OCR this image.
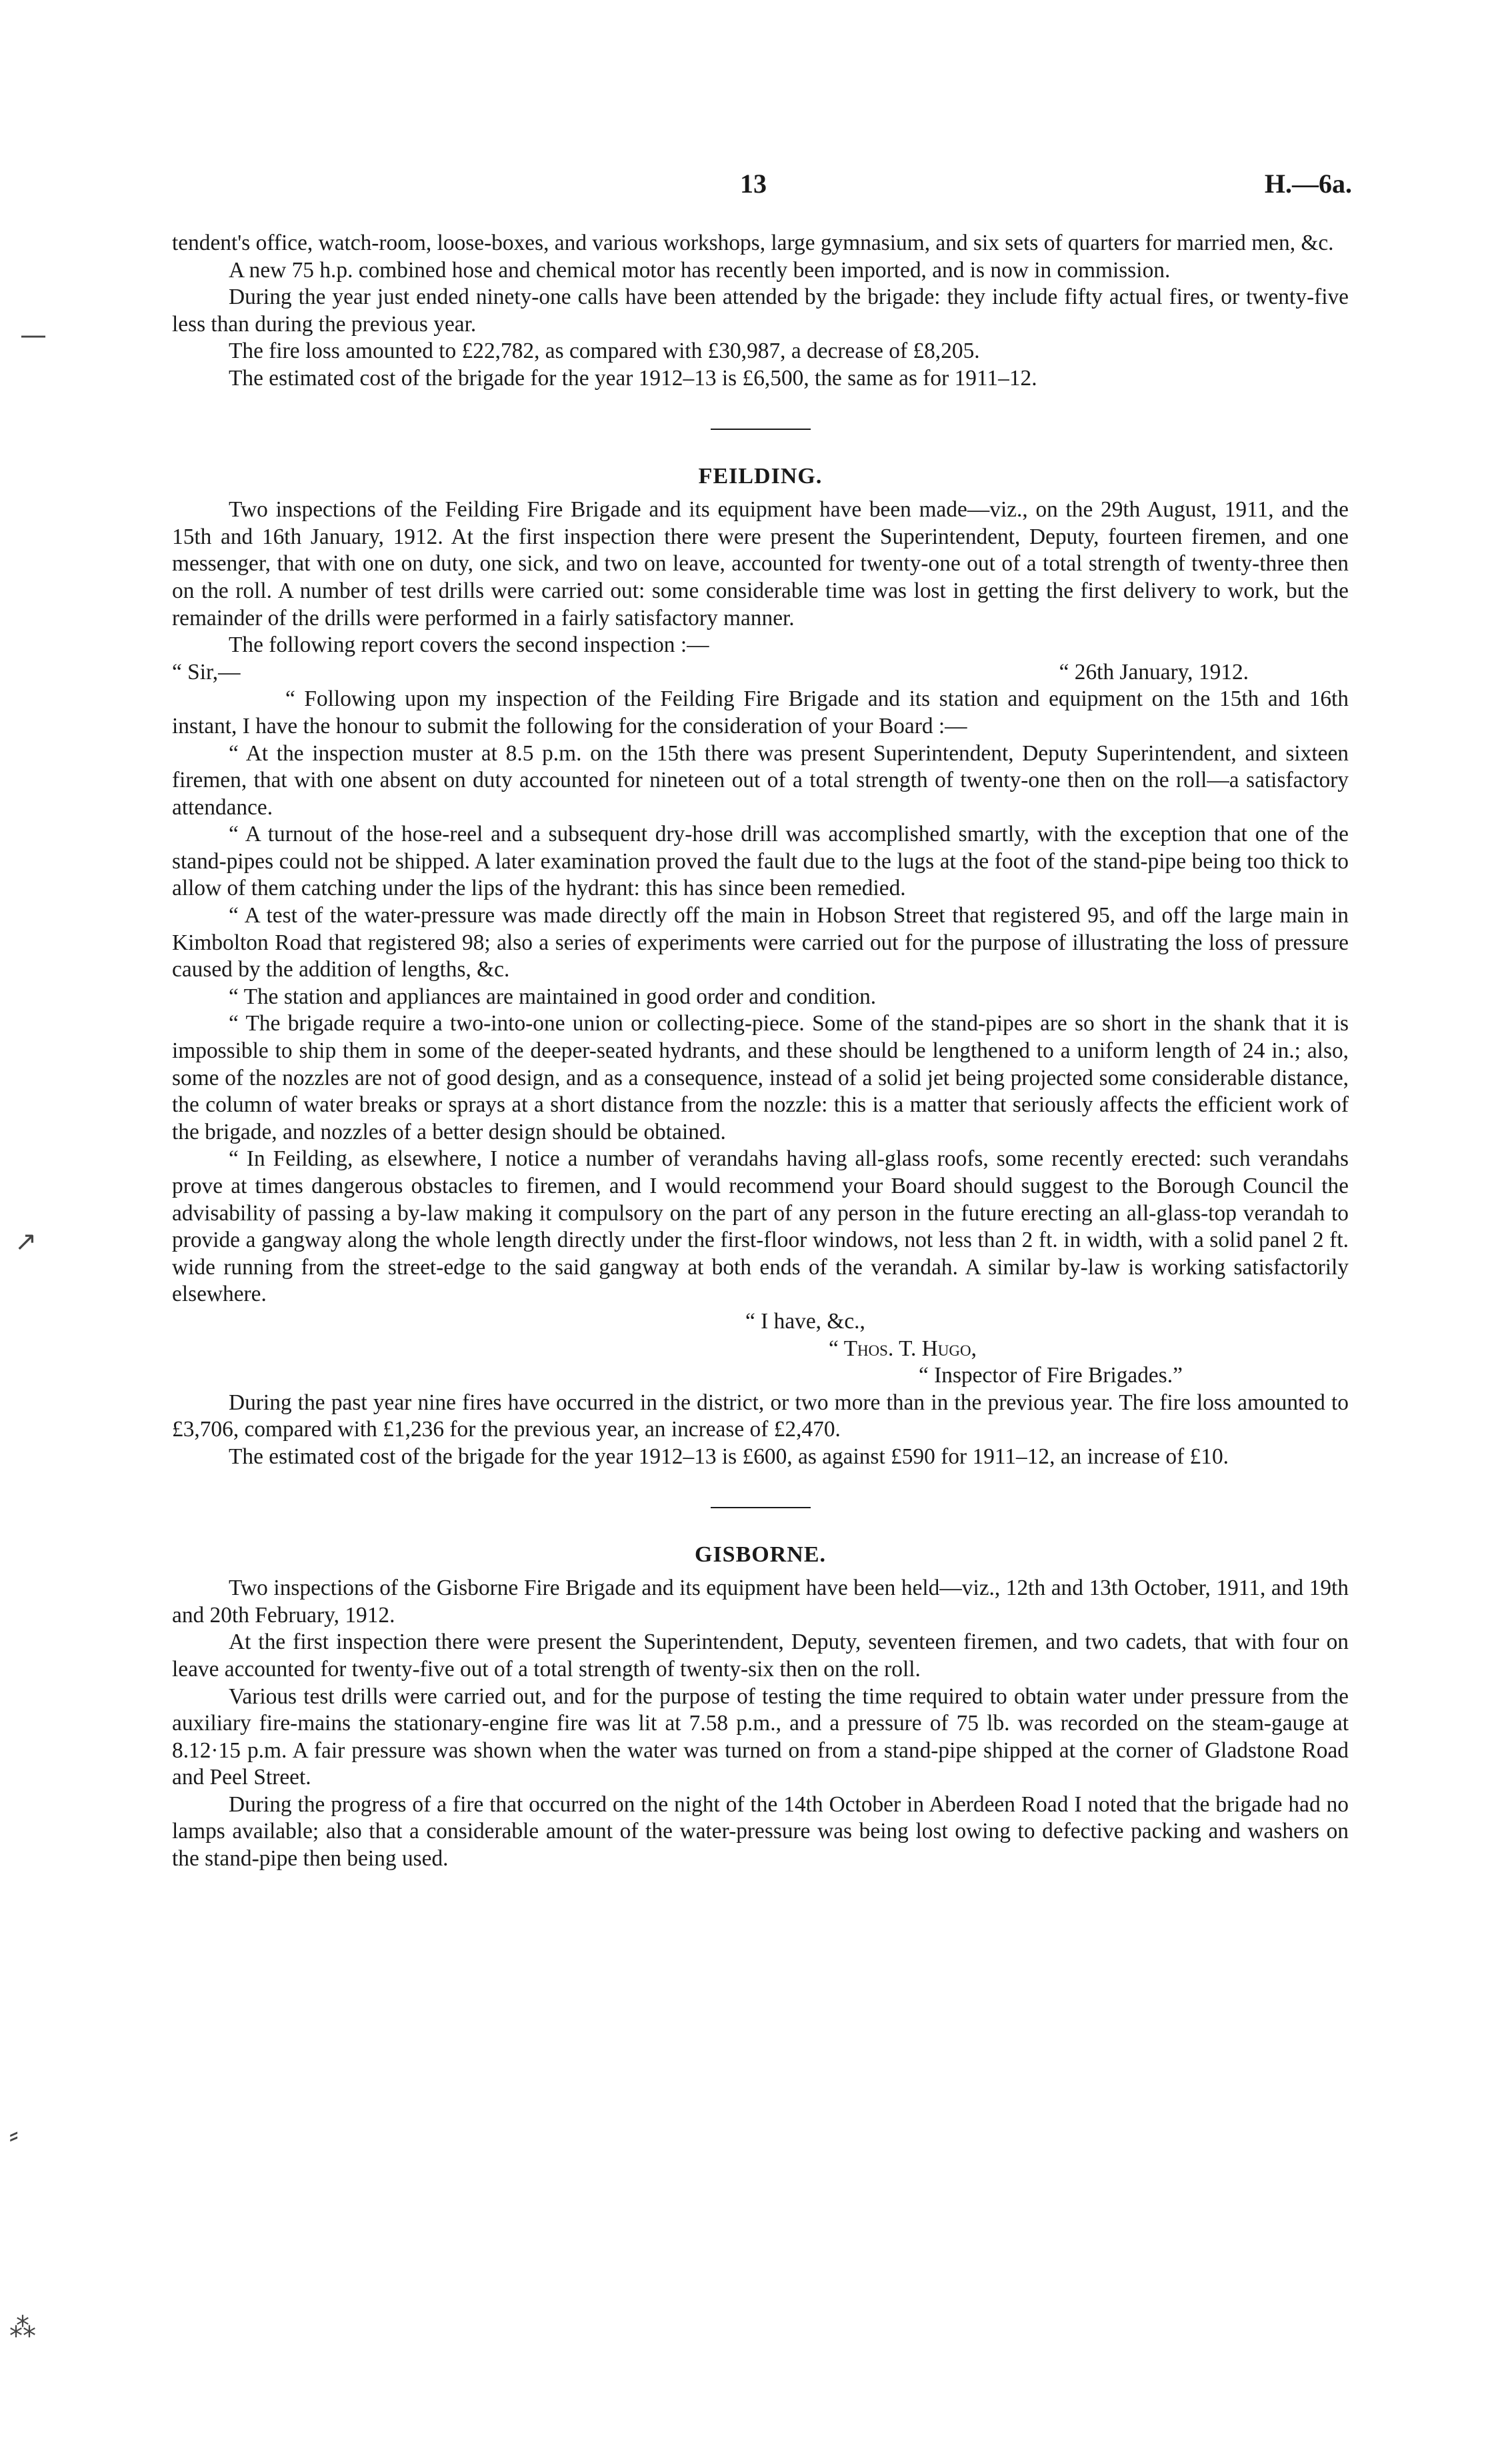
13	H.—6a.
—
↗
⸗
⁂

tendent's office, watch-room, loose-boxes, and various workshops, large gymnasium, and six sets of quarters for married men, &c.

A new 75 h.p. combined hose and chemical motor has recently been imported, and is now in commission.

During the year just ended ninety-one calls have been attended by the brigade: they include fifty actual fires, or twenty-five less than during the previous year.

The fire loss amounted to £22,782, as compared with £30,987, a decrease of £8,205.

The estimated cost of the brigade for the year 1912–13 is £6,500, the same as for 1911–12.

FEILDING.

Two inspections of the Feilding Fire Brigade and its equipment have been made—viz., on the 29th August, 1911, and the 15th and 16th January, 1912. At the first inspection there were present the Superintendent, Deputy, fourteen firemen, and one messenger, that with one on duty, one sick, and two on leave, accounted for twenty-one out of a total strength of twenty-three then on the roll. A number of test drills were carried out: some considerable time was lost in getting the first delivery to work, but the remainder of the drills were performed in a fairly satisfactory manner.

The following report covers the second inspection :—

“ Sir,—	“ 26th January, 1912.

“ Following upon my inspection of the Feilding Fire Brigade and its station and equipment on the 15th and 16th instant, I have the honour to submit the following for the consideration of your Board :—

“ At the inspection muster at 8.5 p.m. on the 15th there was present Superintendent, Deputy Superintendent, and sixteen firemen, that with one absent on duty accounted for nineteen out of a total strength of twenty-one then on the roll—a satisfactory attendance.

“ A turnout of the hose-reel and a subsequent dry-hose drill was accomplished smartly, with the exception that one of the stand-pipes could not be shipped. A later examination proved the fault due to the lugs at the foot of the stand-pipe being too thick to allow of them catching under the lips of the hydrant: this has since been remedied.

“ A test of the water-pressure was made directly off the main in Hobson Street that registered 95, and off the large main in Kimbolton Road that registered 98; also a series of experiments were carried out for the purpose of illustrating the loss of pressure caused by the addition of lengths, &c.

“ The station and appliances are maintained in good order and condition.

“ The brigade require a two-into-one union or collecting-piece. Some of the stand-pipes are so short in the shank that it is impossible to ship them in some of the deeper-seated hydrants, and these should be lengthened to a uniform length of 24 in.; also, some of the nozzles are not of good design, and as a consequence, instead of a solid jet being projected some considerable distance, the column of water breaks or sprays at a short distance from the nozzle: this is a matter that seriously affects the efficient work of the brigade, and nozzles of a better design should be obtained.

“ In Feilding, as elsewhere, I notice a number of verandahs having all-glass roofs, some recently erected: such verandahs prove at times dangerous obstacles to firemen, and I would recommend your Board should suggest to the Borough Council the advisability of passing a by-law making it compulsory on the part of any person in the future erecting an all-glass-top verandah to provide a gangway along the whole length directly under the first-floor windows, not less than 2 ft. in width, with a solid panel 2 ft. wide running from the street-edge to the said gangway at both ends of the verandah. A similar by-law is working satisfactorily elsewhere.

“ I have, &c.,

“ Thos. T. Hugo,

“ Inspector of Fire Brigades.”

During the past year nine fires have occurred in the district, or two more than in the previous year. The fire loss amounted to £3,706, compared with £1,236 for the previous year, an increase of £2,470.

The estimated cost of the brigade for the year 1912–13 is £600, as against £590 for 1911–12, an increase of £10.

GISBORNE.

Two inspections of the Gisborne Fire Brigade and its equipment have been held—viz., 12th and 13th October, 1911, and 19th and 20th February, 1912.

At the first inspection there were present the Superintendent, Deputy, seventeen firemen, and two cadets, that with four on leave accounted for twenty-five out of a total strength of twenty-six then on the roll.

Various test drills were carried out, and for the purpose of testing the time required to obtain water under pressure from the auxiliary fire-mains the stationary-engine fire was lit at 7.58 p.m., and a pressure of 75 lb. was recorded on the steam-gauge at 8.12·15 p.m. A fair pressure was shown when the water was turned on from a stand-pipe shipped at the corner of Gladstone Road and Peel Street.

During the progress of a fire that occurred on the night of the 14th October in Aberdeen Road I noted that the brigade had no lamps available; also that a considerable amount of the water-pressure was being lost owing to defective packing and washers on the stand-pipe then being used.
